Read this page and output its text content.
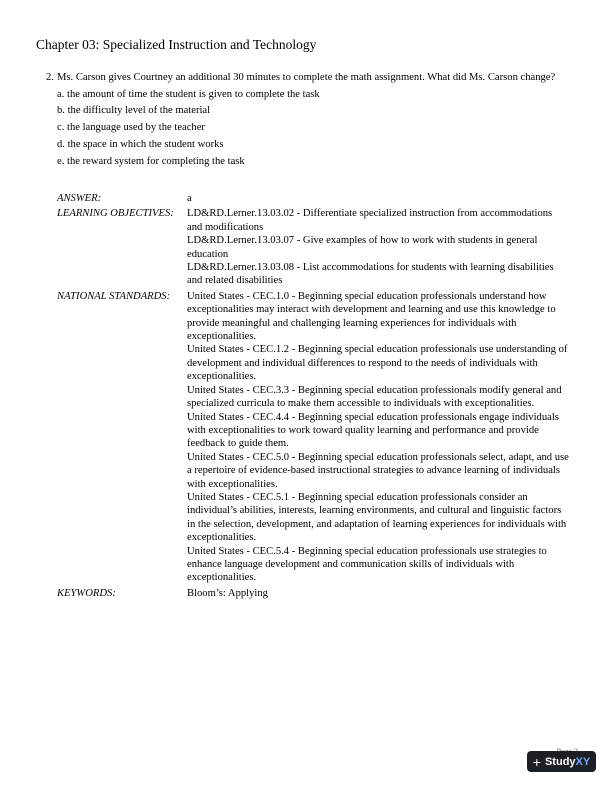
Chapter 03: Specialized Instruction and Technology
2. Ms. Carson gives Courtney an additional 30 minutes to complete the math assignment. What did Ms. Carson change?
a. the amount of time the student is given to complete the task
b. the difficulty level of the material
c. the language used by the teacher
d. the space in which the student works
e. the reward system for completing the task
ANSWER:	a
LEARNING OBJECTIVES:	LD&RD.Lerner.13.03.02 - Differentiate specialized instruction from accommodations and modifications
LD&RD.Lerner.13.03.07 - Give examples of how to work with students in general education
LD&RD.Lerner.13.03.08 - List accommodations for students with learning disabilities and related disabilities
NATIONAL STANDARDS:	United States - CEC.1.0 - Beginning special education professionals understand how exceptionalities may interact with development and learning and use this knowledge to provide meaningful and challenging learning experiences for individuals with exceptionalities.
United States - CEC.1.2 - Beginning special education professionals use understanding of development and individual differences to respond to the needs of individuals with exceptionalities.
United States - CEC.3.3 - Beginning special education professionals modify general and specialized curricula to make them accessible to individuals with exceptionalities.
United States - CEC.4.4 - Beginning special education professionals engage individuals with exceptionalities to work toward quality learning and performance and provide feedback to guide them.
United States - CEC.5.0 - Beginning special education professionals select, adapt, and use a repertoire of evidence-based instructional strategies to advance learning of individuals with exceptionalities.
United States - CEC.5.1 - Beginning special education professionals consider an individual’s abilities, interests, learning environments, and cultural and linguistic factors in the selection, development, and adaptation of learning experiences for individuals with exceptionalities.
United States - CEC.5.4 - Beginning special education professionals use strategies to enhance language development and communication skills of individuals with exceptionalities.
KEYWORDS:	Bloom’s: Applying
+ Study XY
